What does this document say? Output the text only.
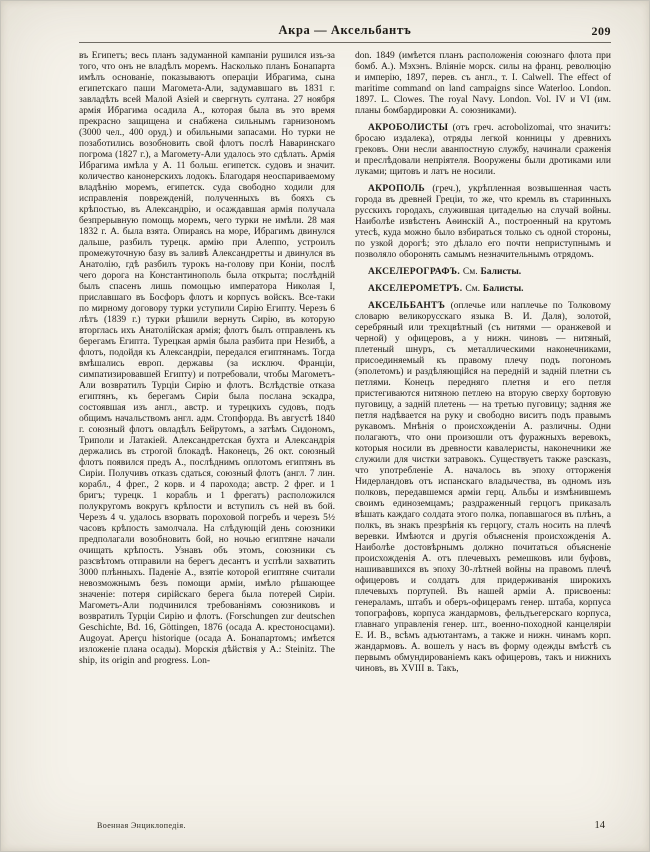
Акра — Аксельбантъ	209

въ Египетъ; весь планъ задуманной кампаніи рушился изъ-за того, что онъ не владѣлъ моремъ. Насколько планъ Бонапарта имѣлъ основаніе, показываютъ операціи Ибрагима, сына египетскаго паши Магомета-Али, задумавшаго въ 1831 г. завладѣть всей Малой Азіей и свергнуть султана. 27 ноября армія Ибрагима осадила А., которая была въ это время прекрасно защищена и снабжена сильнымъ гарнизономъ (3000 чел., 400 оруд.) и обильными запасами. Но турки не позаботились возобновить свой флотъ послѣ Наваринскаго погрома (1827 г.), а Магомету-Али удалось это сдѣлать. Армія Ибрагима имѣла у А. 11 больш. египетск. судовъ и значит. количество канонерскихъ лодокъ. Благодаря неоспариваемому владѣнію моремъ, египетск. суда свободно ходили для исправленія поврежденій, полученныхъ въ бояхъ съ крѣпостью, въ Александрію, и осаждавшая армія получала безпрерывную помощь моремъ, чего турки не имѣли. 28 мая 1832 г. А. была взята. Опираясь на море, Ибрагимъ двинулся дальше, разбилъ турецк. армію при Алеппо, устроилъ промежуточную базу въ заливѣ Александретты и двинулся въ Анатолію, гдѣ разбилъ турокъ на-голову при Коніи, послѣ чего дорога на Константинополь была открыта; послѣдній былъ спасенъ лишь помощью императора Николая I, приславшаго въ Босфоръ флотъ и корпусъ войскъ. Все-таки по мирному договору турки уступили Сирію Египту. Черезъ 6 лѣтъ (1839 г.) турки рѣшили вернуть Сирію, въ которую вторглась ихъ Анатолійская армія; флотъ былъ отправленъ къ берегамъ Египта. Турецкая армія была разбита при Незибѣ, а флотъ, подойдя къ Александріи, передался египтянамъ. Тогда вмѣшались европ. державы (за исключ. Франціи, симпатизировавшей Египту) и потребовали, чтобы Магометъ-Али возвратилъ Турціи Сирію и флотъ. Вслѣдствіе отказа египтянъ, къ берегамъ Сиріи была послана эскадра, состоявшая изъ англ., австр. и турецкихъ судовъ, подъ общимъ начальствомъ англ. адм. Стопфорда. Въ августѣ 1840 г. союзный флотъ овладѣлъ Бейрутомъ, а затѣмъ Сидономъ, Триполи и Латакіей. Александретская бухта и Александрія держались въ строгой блокадѣ. Наконецъ, 26 окт. союзный флотъ появился предъ А., послѣднимъ оплотомъ египтянъ въ Сиріи. Получивъ отказъ сдаться, союзный флотъ (англ. 7 лин. корабл., 4 фрег., 2 корв. и 4 парохода; австр. 2 фрег. и 1 бригъ; турецк. 1 корабль и 1 фрегатъ) расположился полукругомъ вокругъ крѣпости и вступилъ съ ней въ бой. Черезъ 4 ч. удалось взорвать пороховой погребъ и черезъ 5½ часовъ крѣпость замолчала. На слѣдующій день союзники предполагали возобновить бой, но ночью египтяне начали очищать крѣпость. Узнавъ объ этомъ, союзники съ разсвѣтомъ отправили на берегъ десантъ и успѣли захватить 3000 плѣнныхъ. Паденіе А., взятіе которой египтяне считали невозможнымъ безъ помощи арміи, имѣло рѣшающее значеніе: потеря сирійскаго берега была потерей Сиріи. Магометъ-Али подчинился требованіямъ союзниковъ и возвратилъ Турціи Сирію и флотъ. (Forschungen zur deutschen Geschichte, Bd. 16, Göttingen, 1876 (осада А. крестоносцами). Augoyat. Aperçu historique (осада А. Бонапартомъ; имѣется изложеніе плана осады). Морскія дѣйствія у А.: Steinitz. The ship, its origin and progress. Lon-

don. 1849 (имѣется планъ расположенія союзнаго флота при бомб. А.). Мэхэнъ. Вліяніе морск. силы на франц. революцію и имперію, 1897, перев. съ англ., т. I. Calwell. The effect of maritime command on land campaigns since Waterloo. London. 1897. L. Clowes. The royal Navy. London. Vol. IV и VI (им. планы бомбардировки А. союзниками).

АКРОБОЛИСТЫ (отъ греч. acrobolizomai, что значитъ: бросаю издалека), отряды легкой конницы у древнихъ грековъ. Они несли аванпостную службу, начинали сраженія и преслѣдовали непріятеля. Вооружены были дротиками или луками; щитовъ и латъ не носили.

АКРОПОЛЬ (греч.), укрѣпленная возвышенная часть города въ древней Греціи, то же, что кремль въ старинныхъ русскихъ городахъ, служившая цитаделью на случай войны. Наиболѣе извѣстенъ Аѳинскій А., построенный на крутомъ утесѣ, куда можно было взбираться только съ одной стороны, по узкой дорогѣ; это дѣлало его почти неприступнымъ и позволяло оборонять самымъ незначительнымъ отрядомъ.

АКСЕЛЕРОГРАФЪ. См. Балисты.

АКСЕЛЕРОМЕТРЪ. См. Балисты.

АКСЕЛЬБАНТЪ (оплечье или наплечье по Толковому словарю великорусскаго языка В. И. Даля), золотой, серебряный или трехцвѣтный (съ нитями — оранжевой и черной) у офицеровъ, а у нижн. чиновъ — нитяный, плетеный шнуръ, съ металлическими наконечниками, присоединяемый къ правому плечу подъ погономъ (эполетомъ) и раздѣляющійся на передній и задній плетни съ петлями. Конецъ передняго плетня и его петля пристегиваются нитяною петлею на вторую сверху бортовую пуговицу, а задній плетень — на третью пуговицу; задняя же петля надѣвается на руку и свободно виситъ подъ правымъ рукавомъ. Мнѣнія о происхожденіи А. различны. Одни полагаютъ, что они произошли отъ фуражныхъ веревокъ, которыя носили въ древности кавалеристы, наконечники же служили для чистки затравокъ. Существуетъ также разсказъ, что употребленіе А. началось въ эпоху отторженія Нидерландовъ отъ испанскаго владычества, въ одномъ изъ полковъ, передавшемся арміи герц. Альбы и измѣнившемъ своимъ единоземцамъ; раздраженный герцогъ приказалъ вѣшать каждаго солдата этого полка, попавшагося въ плѣнъ, а полкъ, въ знакъ презрѣнія къ герцогу, сталъ носить на плечѣ веревки. Имѣются и другія объясненія происхожденія А. Наиболѣе достовѣрнымъ должно почитаться объясненіе происхожденія А. отъ плечевыхъ ремешковъ или буфовъ, нашивавшихся въ эпоху 30-лѣтней войны на правомъ плечѣ офицеровъ и солдатъ для придерживанія широкихъ плечевыхъ портупей. Въ нашей арміи А. присвоены: генераламъ, штабъ и оберъ-офицерамъ генер. штаба, корпуса топографовъ, корпуса жандармовъ, фельдъегерскаго корпуса, главнаго управленія генер. шт., военно-походной канцеляріи Е. И. В., всѣмъ адъютантамъ, а также и нижн. чинамъ корп. жандармовъ. А. вошелъ у насъ въ форму одежды вмѣстѣ съ первымъ обмундированіемъ какъ офицеровъ, такъ и нижнихъ чиновъ, въ XVIII в. Такъ,

Военная Энциклопедія.	14
